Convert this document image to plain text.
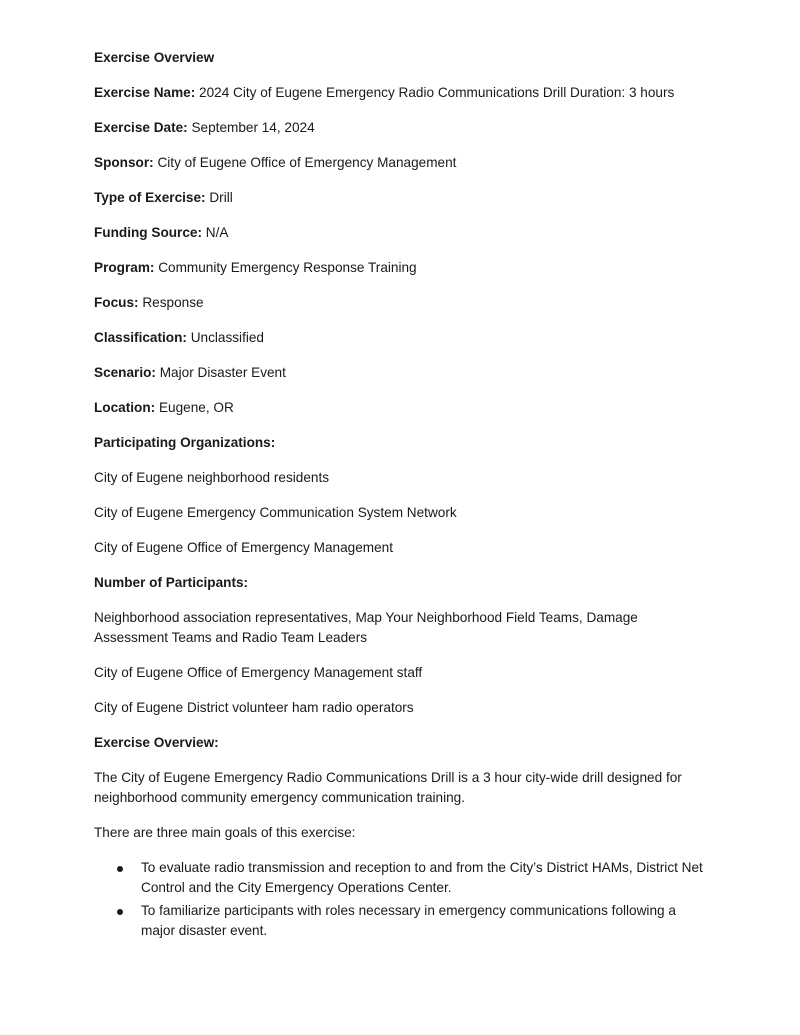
Exercise Overview
Exercise Name: 2024 City of Eugene Emergency Radio Communications Drill Duration: 3 hours
Exercise Date: September 14, 2024
Sponsor: City of Eugene Office of Emergency Management
Type of Exercise: Drill
Funding Source: N/A
Program: Community Emergency Response Training
Focus: Response
Classification: Unclassified
Scenario: Major Disaster Event
Location: Eugene, OR
Participating Organizations:
City of Eugene neighborhood residents
City of Eugene Emergency Communication System Network
City of Eugene Office of Emergency Management
Number of Participants:
Neighborhood association representatives, Map Your Neighborhood Field Teams, Damage Assessment Teams and Radio Team Leaders
City of Eugene Office of Emergency Management staff
City of Eugene District volunteer ham radio operators
Exercise Overview:
The City of Eugene Emergency Radio Communications Drill is a 3 hour city-wide drill designed for neighborhood community emergency communication training.
There are three main goals of this exercise:
To evaluate radio transmission and reception to and from the City’s District HAMs, District Net Control and the City Emergency Operations Center.
To familiarize participants with roles necessary in emergency communications following a major disaster event.
